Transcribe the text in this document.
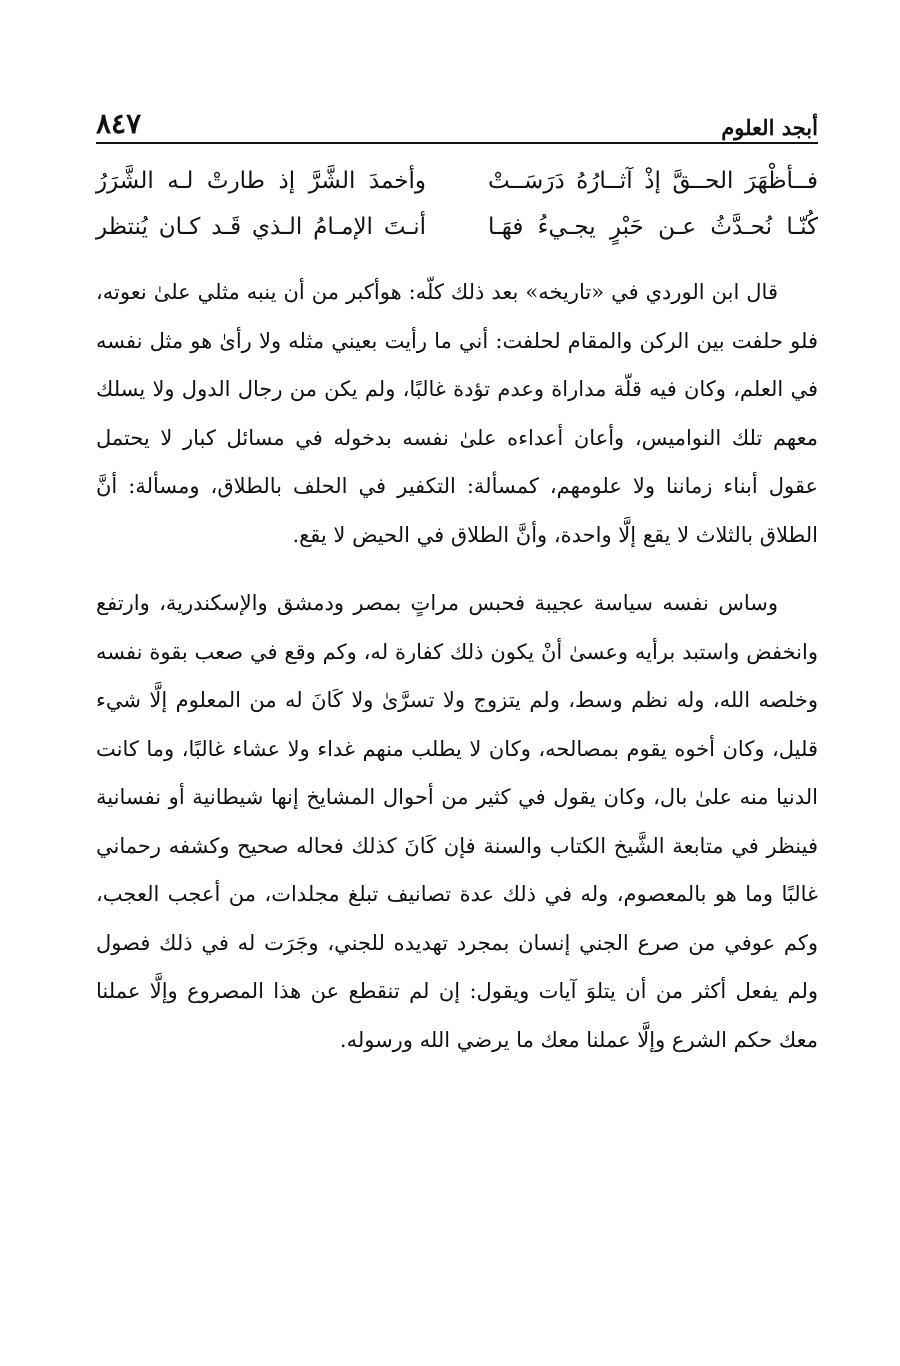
أبجد العلوم
٨٤٧
فــأظْهَرَ الحــقَّ إذْ آثــارُهُ دَرَسَــتْ
وأخمدَ الشَّرَّ إذ طارتْ لـه الشَّرَرُ
كُنّـا نُحـدَّثُ عـن حَبْرٍ يجـيءُ فهَـا
أنـتَ الإمـامُ الـذي قَـد كـان يُنتظر

قال ابن الوردي في «تاريخه» بعد ذلك كلّه: هوأكبر من أن ينبه مثلي علىٰ نعوته، فلو حلفت بين الركن والمقام لحلفت: أني ما رأيت بعيني مثله ولا رأىٰ هو مثل نفسه في العلم، وكان فيه قلّة مداراة وعدم تؤدة غالبًا، ولم يكن من رجال الدول ولا يسلك معهم تلك النواميس، وأعان أعداءه علىٰ نفسه بدخوله في مسائل كبار لا يحتمل عقول أبناء زماننا ولا علومهم، كمسألة: التكفير في الحلف بالطلاق، ومسألة: أنَّ الطلاق بالثلاث لا يقع إلَّا واحدة، وأنَّ الطلاق في الحيض لا يقع.

وساس نفسه سياسة عجيبة فحبس مراتٍ بمصر ودمشق والإسكندرية، وارتفع وانخفض واستبد برأيه وعسىٰ أنْ يكون ذلك كفارة له، وكم وقع في صعب بقوة نفسه وخلصه الله، وله نظم وسط، ولم يتزوج ولا تسرَّىٰ ولا كَانَ له من المعلوم إلَّا شيء قليل، وكان أخوه يقوم بمصالحه، وكان لا يطلب منهم غداء ولا عشاء غالبًا، وما كانت الدنيا منه علىٰ بال، وكان يقول في كثير من أحوال المشايخ إنها شيطانية أو نفسانية فينظر في متابعة الشَّيخ الكتاب والسنة فإن كَانَ كذلك فحاله صحيح وكشفه رحماني غالبًا وما هو بالمعصوم، وله في ذلك عدة تصانيف تبلغ مجلدات، من أعجب العجب، وكم عوفي من صرع الجني إنسان بمجرد تهديده للجني، وجَرَت له في ذلك فصول ولم يفعل أكثر من أن يتلوَ آيات ويقول: إن لم تنقطع عن هذا المصروع وإلَّا عملنا معك حكم الشرع وإلَّا عملنا معك ما يرضي الله ورسوله.
